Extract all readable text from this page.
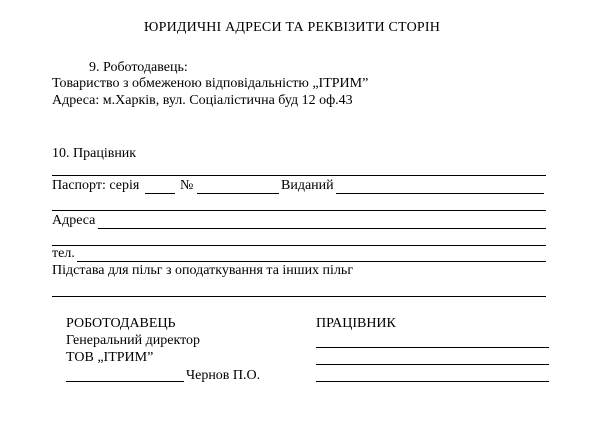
ЮРИДИЧНІ АДРЕСИ ТА РЕКВІЗИТИ СТОРІН
9. Роботодавець:
Товариство з обмеженою відповідальністю „ІТРИМ”
Адреса: м.Харків, вул. Соціалістична буд 12 оф.43
10. Працівник
Паспорт: серія	№	Виданий
Адреса
тел.
Підстава для пільг з оподаткування та інших пільг
РОБОТОДАВЕЦЬ
Генеральний директор
ТОВ „ІТРИМ”
Чернов П.О.
ПРАЦІВНИК
